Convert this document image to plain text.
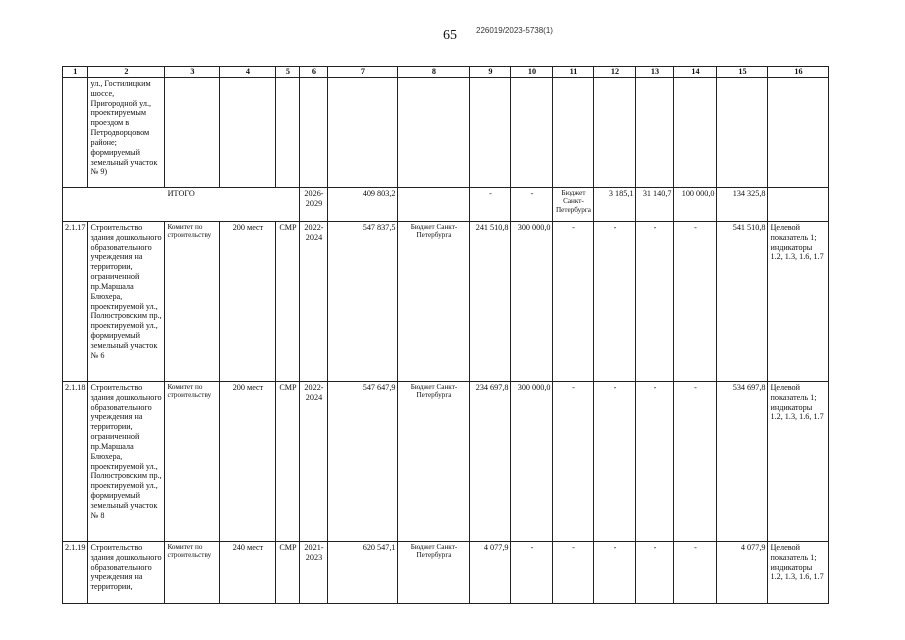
65 226019/2023-5738(1)
1	2	3	4	5	6	7	8	9	10	11	12	13	14	15	16
	ул., Гостилицким шоссе, Пригородной ул., проектируемым проездом в Петродворцовом районе; формируемый земельный участок № 9)														
ИТОГО					2026-2029	409 803,2		-	-	Бюджет Санкт-Петербурга	3 185,1	31 140,7	100 000,0	134 325,8	
2.1.17	Строительство здания дошкольного образовательного учреждения на территории, ограниченной пр.Маршала Блюхера, проектируемой ул., Полюстровским пр., проектируемой ул., формируемый земельный участок № 6	Комитет по строительству	200 мест	СМР	2022-2024	547 837,5	Бюджет Санкт-Петербурга	241 510,8	300 000,0	-	-	-	-	541 510,8	Целевой показатель 1; индикаторы 1.2, 1.3, 1.6, 1.7
2.1.18	Строительство здания дошкольного образовательного учреждения на территории, ограниченной пр.Маршала Блюхера, проектируемой ул., Полюстровским пр., проектируемой ул., формируемый земельный участок № 8	Комитет по строительству	200 мест	СМР	2022-2024	547 647,9	Бюджет Санкт-Петербурга	234 697,8	300 000,0	-	-	-	-	534 697,8	Целевой показатель 1; индикаторы 1.2, 1.3, 1.6, 1.7
2.1.19	Строительство здания дошкольного образовательного учреждения на территории,	Комитет по строительству	240 мест	СМР	2021-2023	620 547,1	Бюджет Санкт-Петербурга	4 077,9	-	-	-	-	-	4 077,9	Целевой показатель 1; индикаторы 1.2, 1.3, 1.6, 1.7
